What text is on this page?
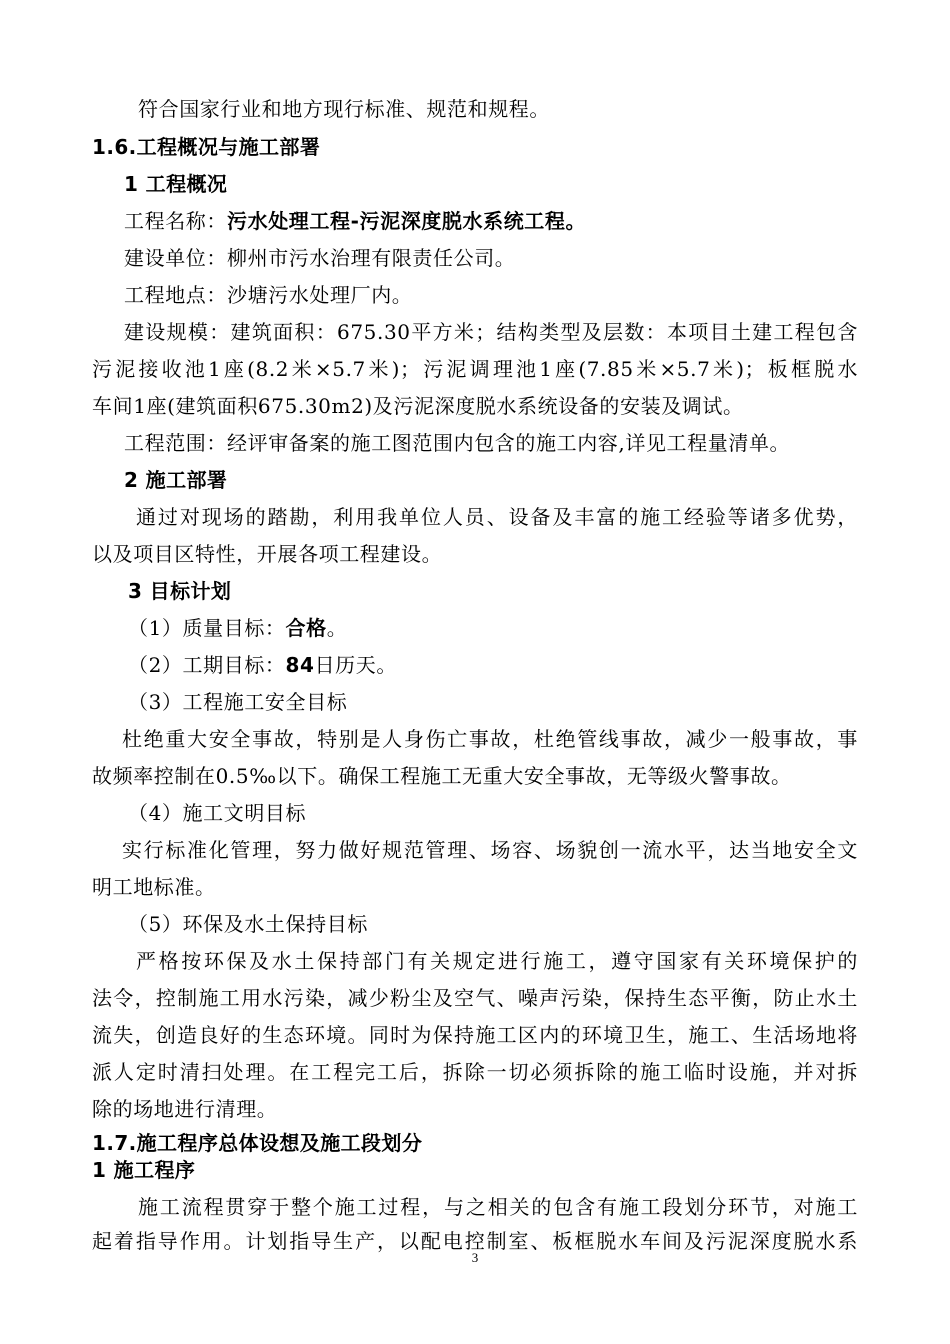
符合国家行业和地方现行标准、规范和规程。
1.6.工程概况与施工部署
1 工程概况
工程名称：污水处理工程-污泥深度脱水系统工程。
建设单位：柳州市污水治理有限责任公司。
工程地点：沙塘污水处理厂内。
建设规模：建筑面积：675.30平方米；结构类型及层数：本项目土建工程包含
污泥接收池1座(8.2米×5.7米)；污泥调理池1座(7.85米×5.7米)；板框脱水
车间1座(建筑面积675.30m2)及污泥深度脱水系统设备的安装及调试。
工程范围：经评审备案的施工图范围内包含的施工内容,详见工程量清单。
2 施工部署
通过对现场的踏勘，利用我单位人员、设备及丰富的施工经验等诸多优势，
以及项目区特性，开展各项工程建设。
3 目标计划
（1）质量目标：合格。
（2）工期目标：84日历天。
（3）工程施工安全目标
杜绝重大安全事故，特别是人身伤亡事故，杜绝管线事故，减少一般事故，事
故频率控制在0.5‰以下。确保工程施工无重大安全事故，无等级火警事故。
（4）施工文明目标
实行标准化管理，努力做好规范管理、场容、场貌创一流水平，达当地安全文
明工地标准。
（5）环保及水土保持目标
严格按环保及水土保持部门有关规定进行施工，遵守国家有关环境保护的
法令，控制施工用水污染，减少粉尘及空气、噪声污染，保持生态平衡，防止水土
流失，创造良好的生态环境。同时为保持施工区内的环境卫生，施工、生活场地将
派人定时清扫处理。在工程完工后，拆除一切必须拆除的施工临时设施，并对拆
除的场地进行清理。
1.7.施工程序总体设想及施工段划分
1 施工程序
施工流程贯穿于整个施工过程，与之相关的包含有施工段划分环节，对施工
起着指导作用。计划指导生产，以配电控制室、板框脱水车间及污泥深度脱水系
3
